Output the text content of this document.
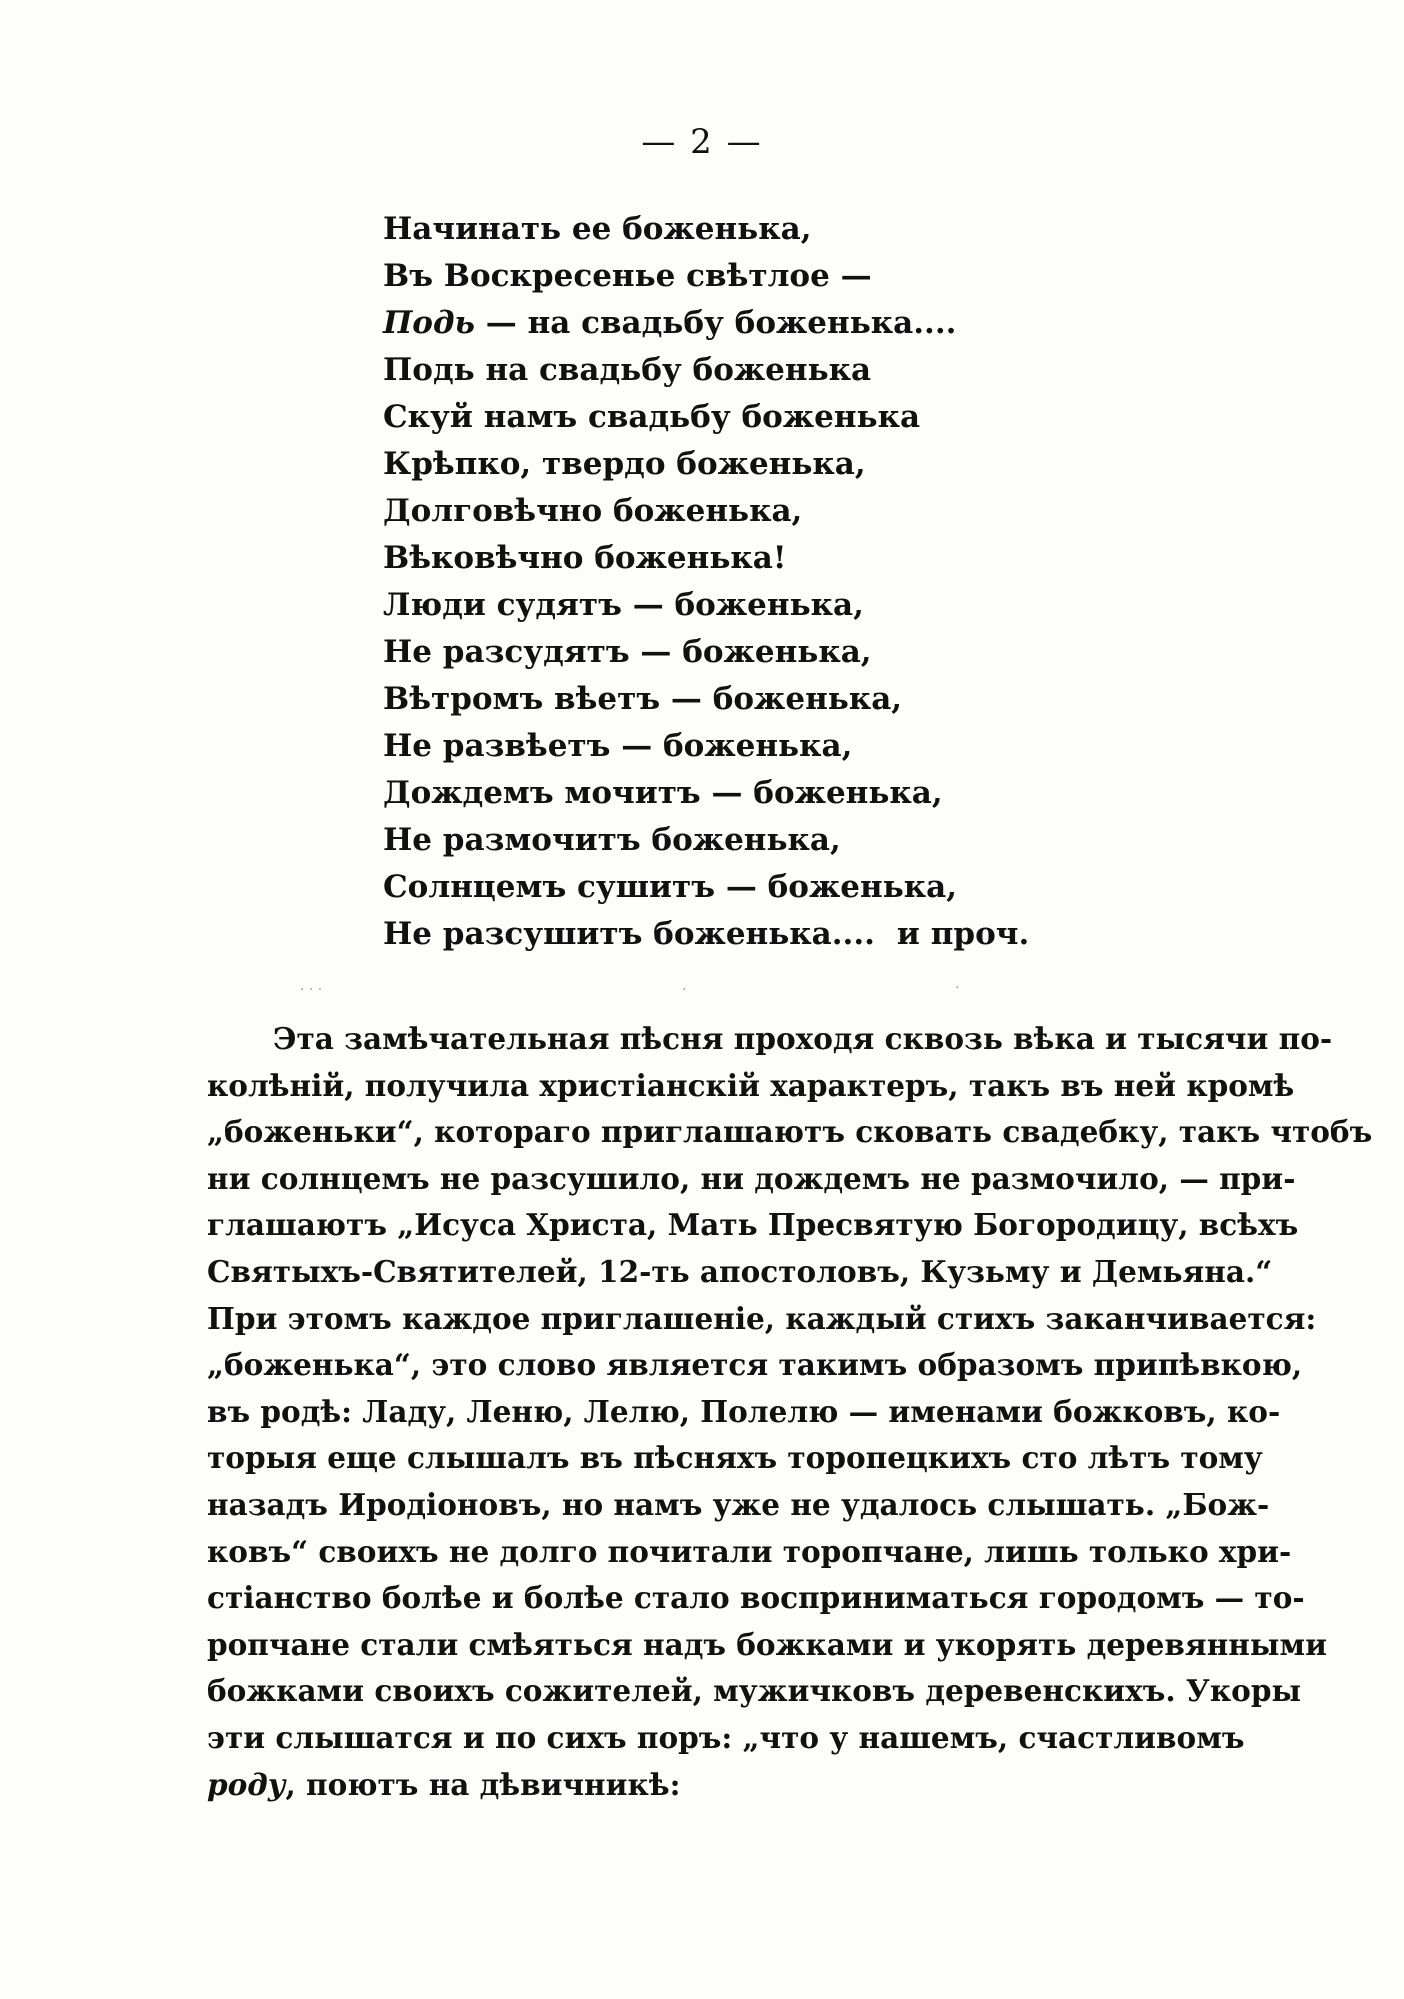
— 2 —
Начинать ее боженька,
Въ Воскресенье свѣтлое —
Подь — на свадьбу боженька....
Подь на свадьбу боженька
Скуй намъ свадьбу боженька
Крѣпко, твердо боженька,
Долговѣчно боженька,
Вѣковѣчно боженька!
Люди судятъ — боженька,
Не разсудятъ — боженька,
Вѣтромъ вѣетъ — боженька,
Не развѣетъ — боженька,
Дождемъ мочитъ — боженька,
Не размочитъ боженька,
Солнцемъ сушитъ — боженька,
Не разсушитъ боженька.... и проч.
· · ·	·	·
Эта замѣчательная пѣсня проходя сквозь вѣка и тысячи по-
колѣній, получила христіанскій характеръ, такъ въ ней кромѣ
„боженьки“, котораго приглашаютъ сковать свадебку, такъ чтобъ
ни солнцемъ не разсушило, ни дождемъ не размочило, — при-
глашаютъ „Исуса Христа, Мать Пресвятую Богородицу, всѣхъ
Святыхъ-Святителей, 12-ть апостоловъ, Кузьму и Демьяна.“
При этомъ каждое приглашеніе, каждый стихъ заканчивается:
„боженька“, это слово является такимъ образомъ припѣвкою,
въ родѣ: Ладу, Леню, Лелю, Полелю — именами божковъ, ко-
торыя еще слышалъ въ пѣсняхъ торопецкихъ сто лѣтъ тому
назадъ Иродіоновъ, но намъ уже не удалось слышать. „Бож-
ковъ“ своихъ не долго почитали торопчане, лишь только хри-
стіанство болѣе и болѣе стало восприниматься городомъ — то-
ропчане стали смѣяться надъ божками и укорять деревянными
божками своихъ сожителей, мужичковъ деревенскихъ. Укоры
эти слышатся и по сихъ поръ: „что у нашемъ, счастливомъ
роду, поютъ на дѣвичникѣ:
